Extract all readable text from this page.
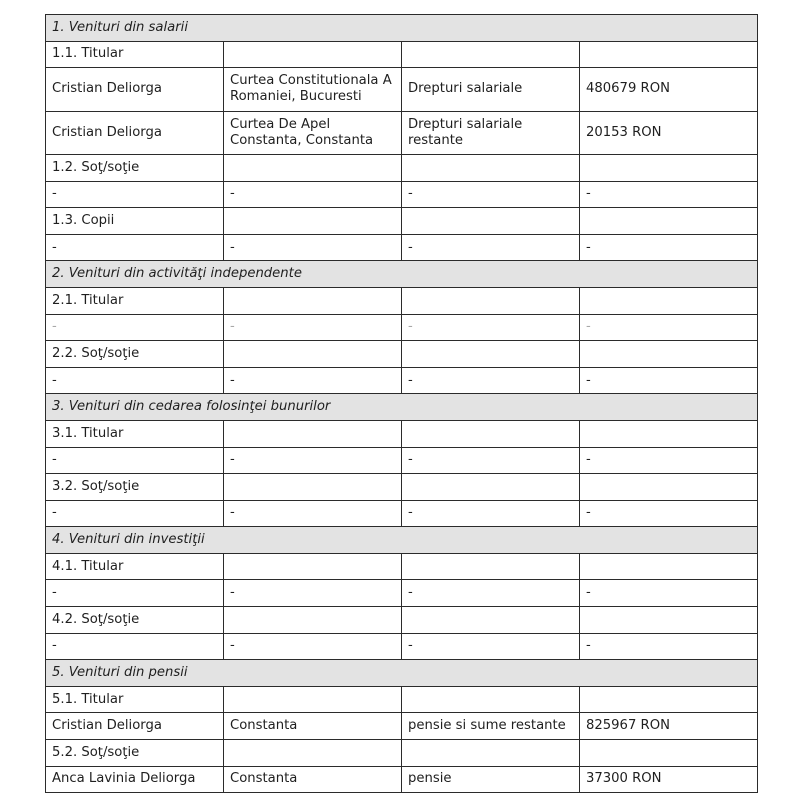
1. Venituri din salarii			
1.1. Titular			
Cristian Deliorga	Curtea Constitutionala A Romaniei, Bucuresti	Drepturi salariale	480679 RON
Cristian Deliorga	Curtea De Apel Constanta, Constanta	Drepturi salariale restante	20153 RON
1.2. Soţ/soţie			
-	-	-	-
1.3. Copii			
-	-	-	-
2. Venituri din activităţi independente			
2.1. Titular			
-	-	-	-
2.2. Soţ/soţie			
-	-	-	-
3. Venituri din cedarea folosinţei bunurilor			
3.1. Titular			
-	-	-	-
3.2. Soţ/soţie			
-	-	-	-
4. Venituri din investiţii			
4.1. Titular			
-	-	-	-
4.2. Soţ/soţie			
-	-	-	-
5. Venituri din pensii			
5.1. Titular			
Cristian Deliorga	Constanta	pensie si sume restante	825967 RON
5.2. Soţ/soţie			
Anca Lavinia Deliorga	Constanta	pensie	37300 RON
